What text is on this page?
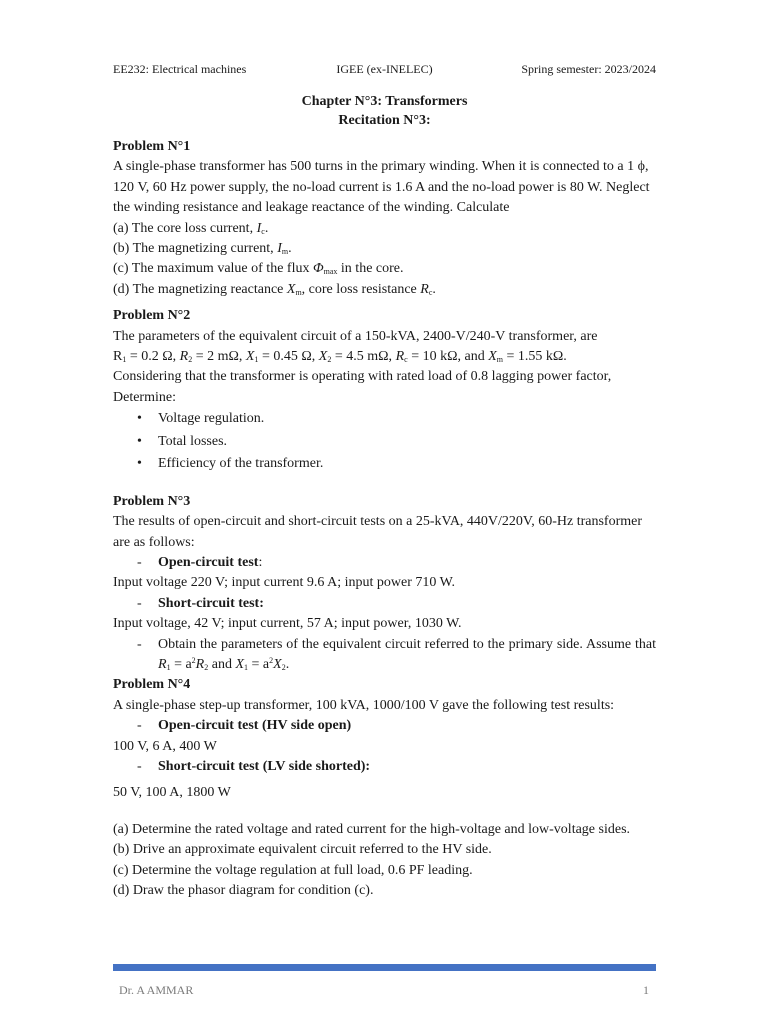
EE232: Electrical machines	IGEE (ex-INELEC)	Spring semester: 2023/2024
Chapter N°3: Transformers
Recitation N°3:

Problem N°1

A single-phase transformer has 500 turns in the primary winding. When it is connected to a 1 ϕ, 120 V, 60 Hz power supply, the no-load current is 1.6 A and the no-load power is 80 W. Neglect the winding resistance and leakage reactance of the winding. Calculate

(a) The core loss current, $I_c$.

(b) The magnetizing current, $I_m$.

(c) The maximum value of the flux $\Phi_{max}$ in the core.

(d) The magnetizing reactance $X_m$, core loss resistance $R_c$.

Problem N°2

The parameters of the equivalent circuit of a 150-kVA, 2400-V/240-V transformer, are

$R_1 = 0.2$ Ω, $R_2 = 2$ mΩ, $X_1 = 0.45$ Ω, $X_2 = 4.5$ mΩ, $R_c = 10$ kΩ, and $X_m = 1.55$ kΩ.

Considering that the transformer is operating with rated load of 0.8 lagging power factor, Determine:

• Voltage regulation.
• Total losses.
• Efficiency of the transformer.

Problem N°3

The results of open-circuit and short-circuit tests on a 25-kVA, 440V/220V, 60-Hz transformer are as follows:

- Open-circuit test:

Input voltage 220 V; input current 9.6 A; input power 710 W.

- Short-circuit test:

Input voltage, 42 V; input current, 57 A; input power, 1030 W.

- Obtain the parameters of the equivalent circuit referred to the primary side. Assume that $R_1 = a^2R_2$ and $X_1 = a^2X_2$.

Problem N°4

A single-phase step-up transformer, 100 kVA, 1000/100 V gave the following test results:

- Open-circuit test (HV side open)

100 V, 6 A, 400 W

- Short-circuit test (LV side shorted):

50 V, 100 A, 1800 W

(a) Determine the rated voltage and rated current for the high-voltage and low-voltage sides.

(b) Drive an approximate equivalent circuit referred to the HV side.

(c) Determine the voltage regulation at full load, 0.6 PF leading.

(d) Draw the phasor diagram for condition (c).

Dr. A AMMAR	1
